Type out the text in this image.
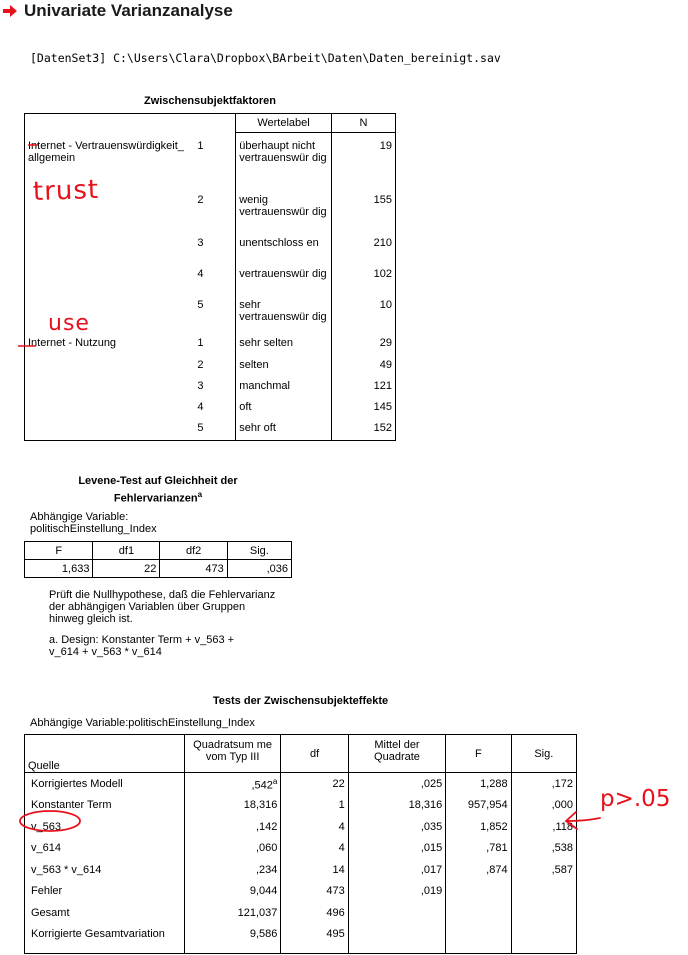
Univariate Varianzanalyse
[DatenSet3] C:\Users\Clara\Dropbox\BArbeit\Daten\Daten_bereinigt.sav
Zwischensubjektfaktoren
		Wertelabel	N
Internet - Vertrauenswürdigkeit_ allgemein	1	überhaupt nicht vertrauenswür dig	19
	2	wenig vertrauenswür dig	155
	3	unentschloss en	210
	4	vertrauenswür dig	102
	5	sehr vertrauenswür dig	10
Internet - Nutzung	1	sehr selten	29
	2	selten	49
	3	manchmal	121
	4	oft	145
	5	sehr oft	152
Levene-Test auf Gleichheit der
Fehlervarianzen$^a$
Abhängige Variable:
politischEinstellung_Index
F	df1	df2	Sig.
1,633	22	473	,036
Prüft die Nullhypothese, daß die Fehlervarianz der abhängigen Variablen über Gruppen hinweg gleich ist.
a. Design: Konstanter Term + v_563 + v_614 + v_563 * v_614
Tests der Zwischensubjekteffekte
Abhängige Variable:politischEinstellung_Index
Quelle	Quadratsum me vom Typ III	df	Mittel der Quadrate	F	Sig.
Korrigiertes Modell	,542$^a$	22	,025	1,288	,172
Konstanter Term	18,316	1	18,316	957,954	,000
v_563	,142	4	,035	1,852	,118
v_614	,060	4	,015	,781	,538
v_563 * v_614	,234	14	,017	,874	,587
Fehler	9,044	473	,019		
Gesamt	121,037	496			
Korrigierte Gesamtvariation	9,586	495			
trust
use
p>.05
